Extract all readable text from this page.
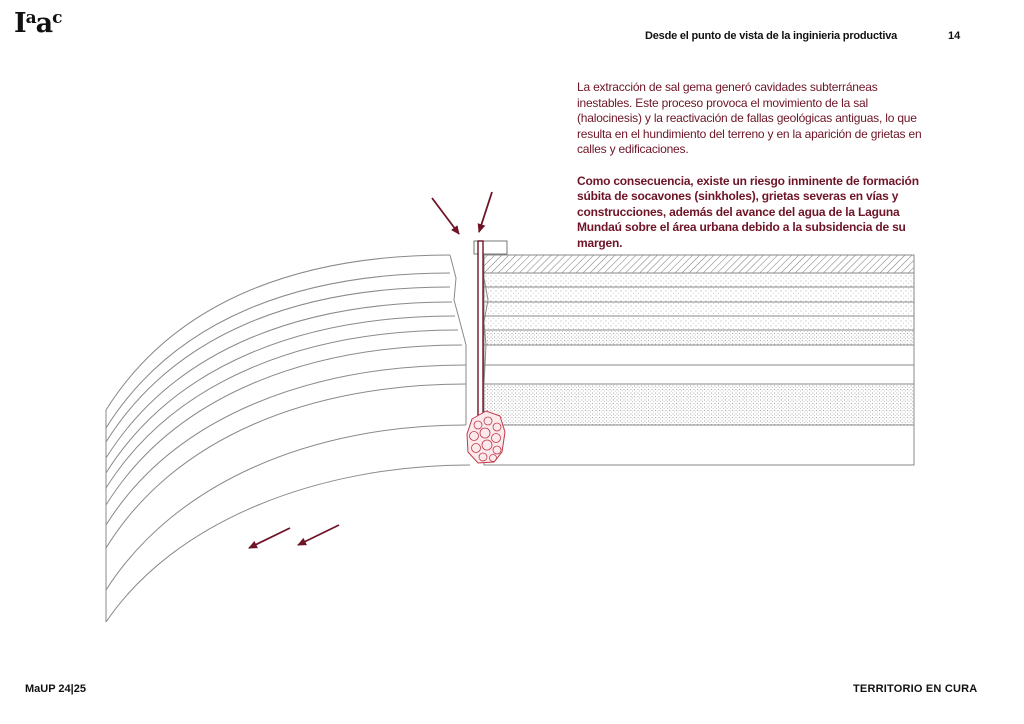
$I^aa^c$
Desde el punto de vista de la inginieria productiva	14

La extracción de sal gema generó cavidades subterráneas inestables. Este proceso provoca el movimiento de la sal (halocinesis) y la reactivación de fallas geológicas antiguas, lo que resulta en el hundimiento del terreno y en la aparición de grietas en calles y edificaciones.

Como consecuencia, existe un riesgo inminente de formación súbita de socavones (sinkholes), grietas severas en vías y construcciones, además del avance del agua de la Laguna Mundaú sobre el área urbana debido a la subsidencia de su margen.

MaUP 24|25	TERRITORIO EN CURA
